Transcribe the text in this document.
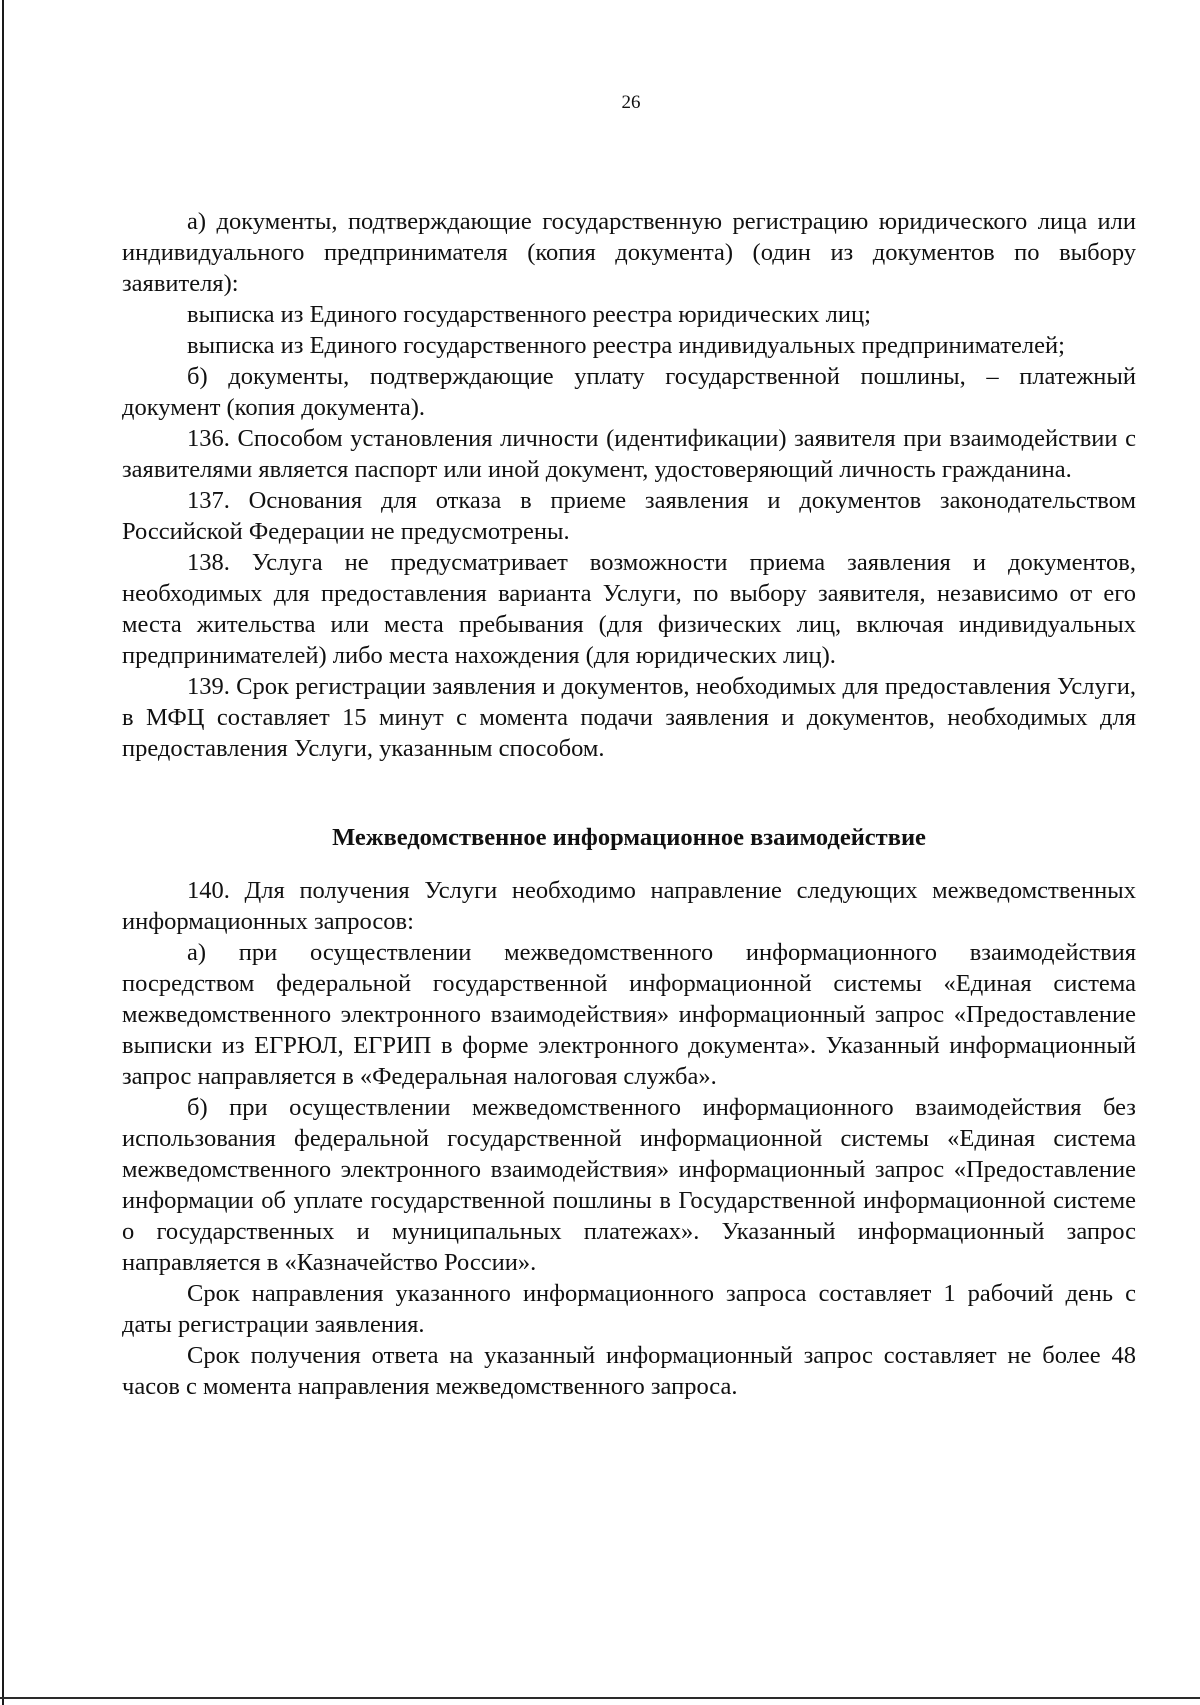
26

а) документы, подтверждающие государственную регистрацию юридического лица или индивидуального предпринимателя (копия документа) (один из документов по выбору заявителя):

выписка из Единого государственного реестра юридических лиц;

выписка из Единого государственного реестра индивидуальных предпринимателей;

б) документы, подтверждающие уплату государственной пошлины, – платежный документ (копия документа).

136. Способом установления личности (идентификации) заявителя при взаимодействии с заявителями является паспорт или иной документ, удостоверяющий личность гражданина.

137. Основания для отказа в приеме заявления и документов законодательством Российской Федерации не предусмотрены.

138. Услуга не предусматривает возможности приема заявления и документов, необходимых для предоставления варианта Услуги, по выбору заявителя, независимо от его места жительства или места пребывания (для физических лиц, включая индивидуальных предпринимателей) либо места нахождения (для юридических лиц).

139. Срок регистрации заявления и документов, необходимых для предоставления Услуги, в МФЦ составляет 15 минут с момента подачи заявления и документов, необходимых для предоставления Услуги, указанным способом.

Межведомственное информационное взаимодействие

140. Для получения Услуги необходимо направление следующих межведомственных информационных запросов:

а) при осуществлении межведомственного информационного взаимодействия посредством федеральной государственной информационной системы «Единая система межведомственного электронного взаимодействия» информационный запрос «Предоставление выписки из ЕГРЮЛ, ЕГРИП в форме электронного документа». Указанный информационный запрос направляется в «Федеральная налоговая служба».

б) при осуществлении межведомственного информационного взаимодействия без использования федеральной государственной информационной системы «Единая система межведомственного электронного взаимодействия» информационный запрос «Предоставление информации об уплате государственной пошлины в Государственной информационной системе о государственных и муниципальных платежах». Указанный информационный запрос направляется в «Казначейство России».

Срок направления указанного информационного запроса составляет 1 рабочий день с даты регистрации заявления.

Срок получения ответа на указанный информационный запрос составляет не более 48 часов с момента направления межведомственного запроса.
